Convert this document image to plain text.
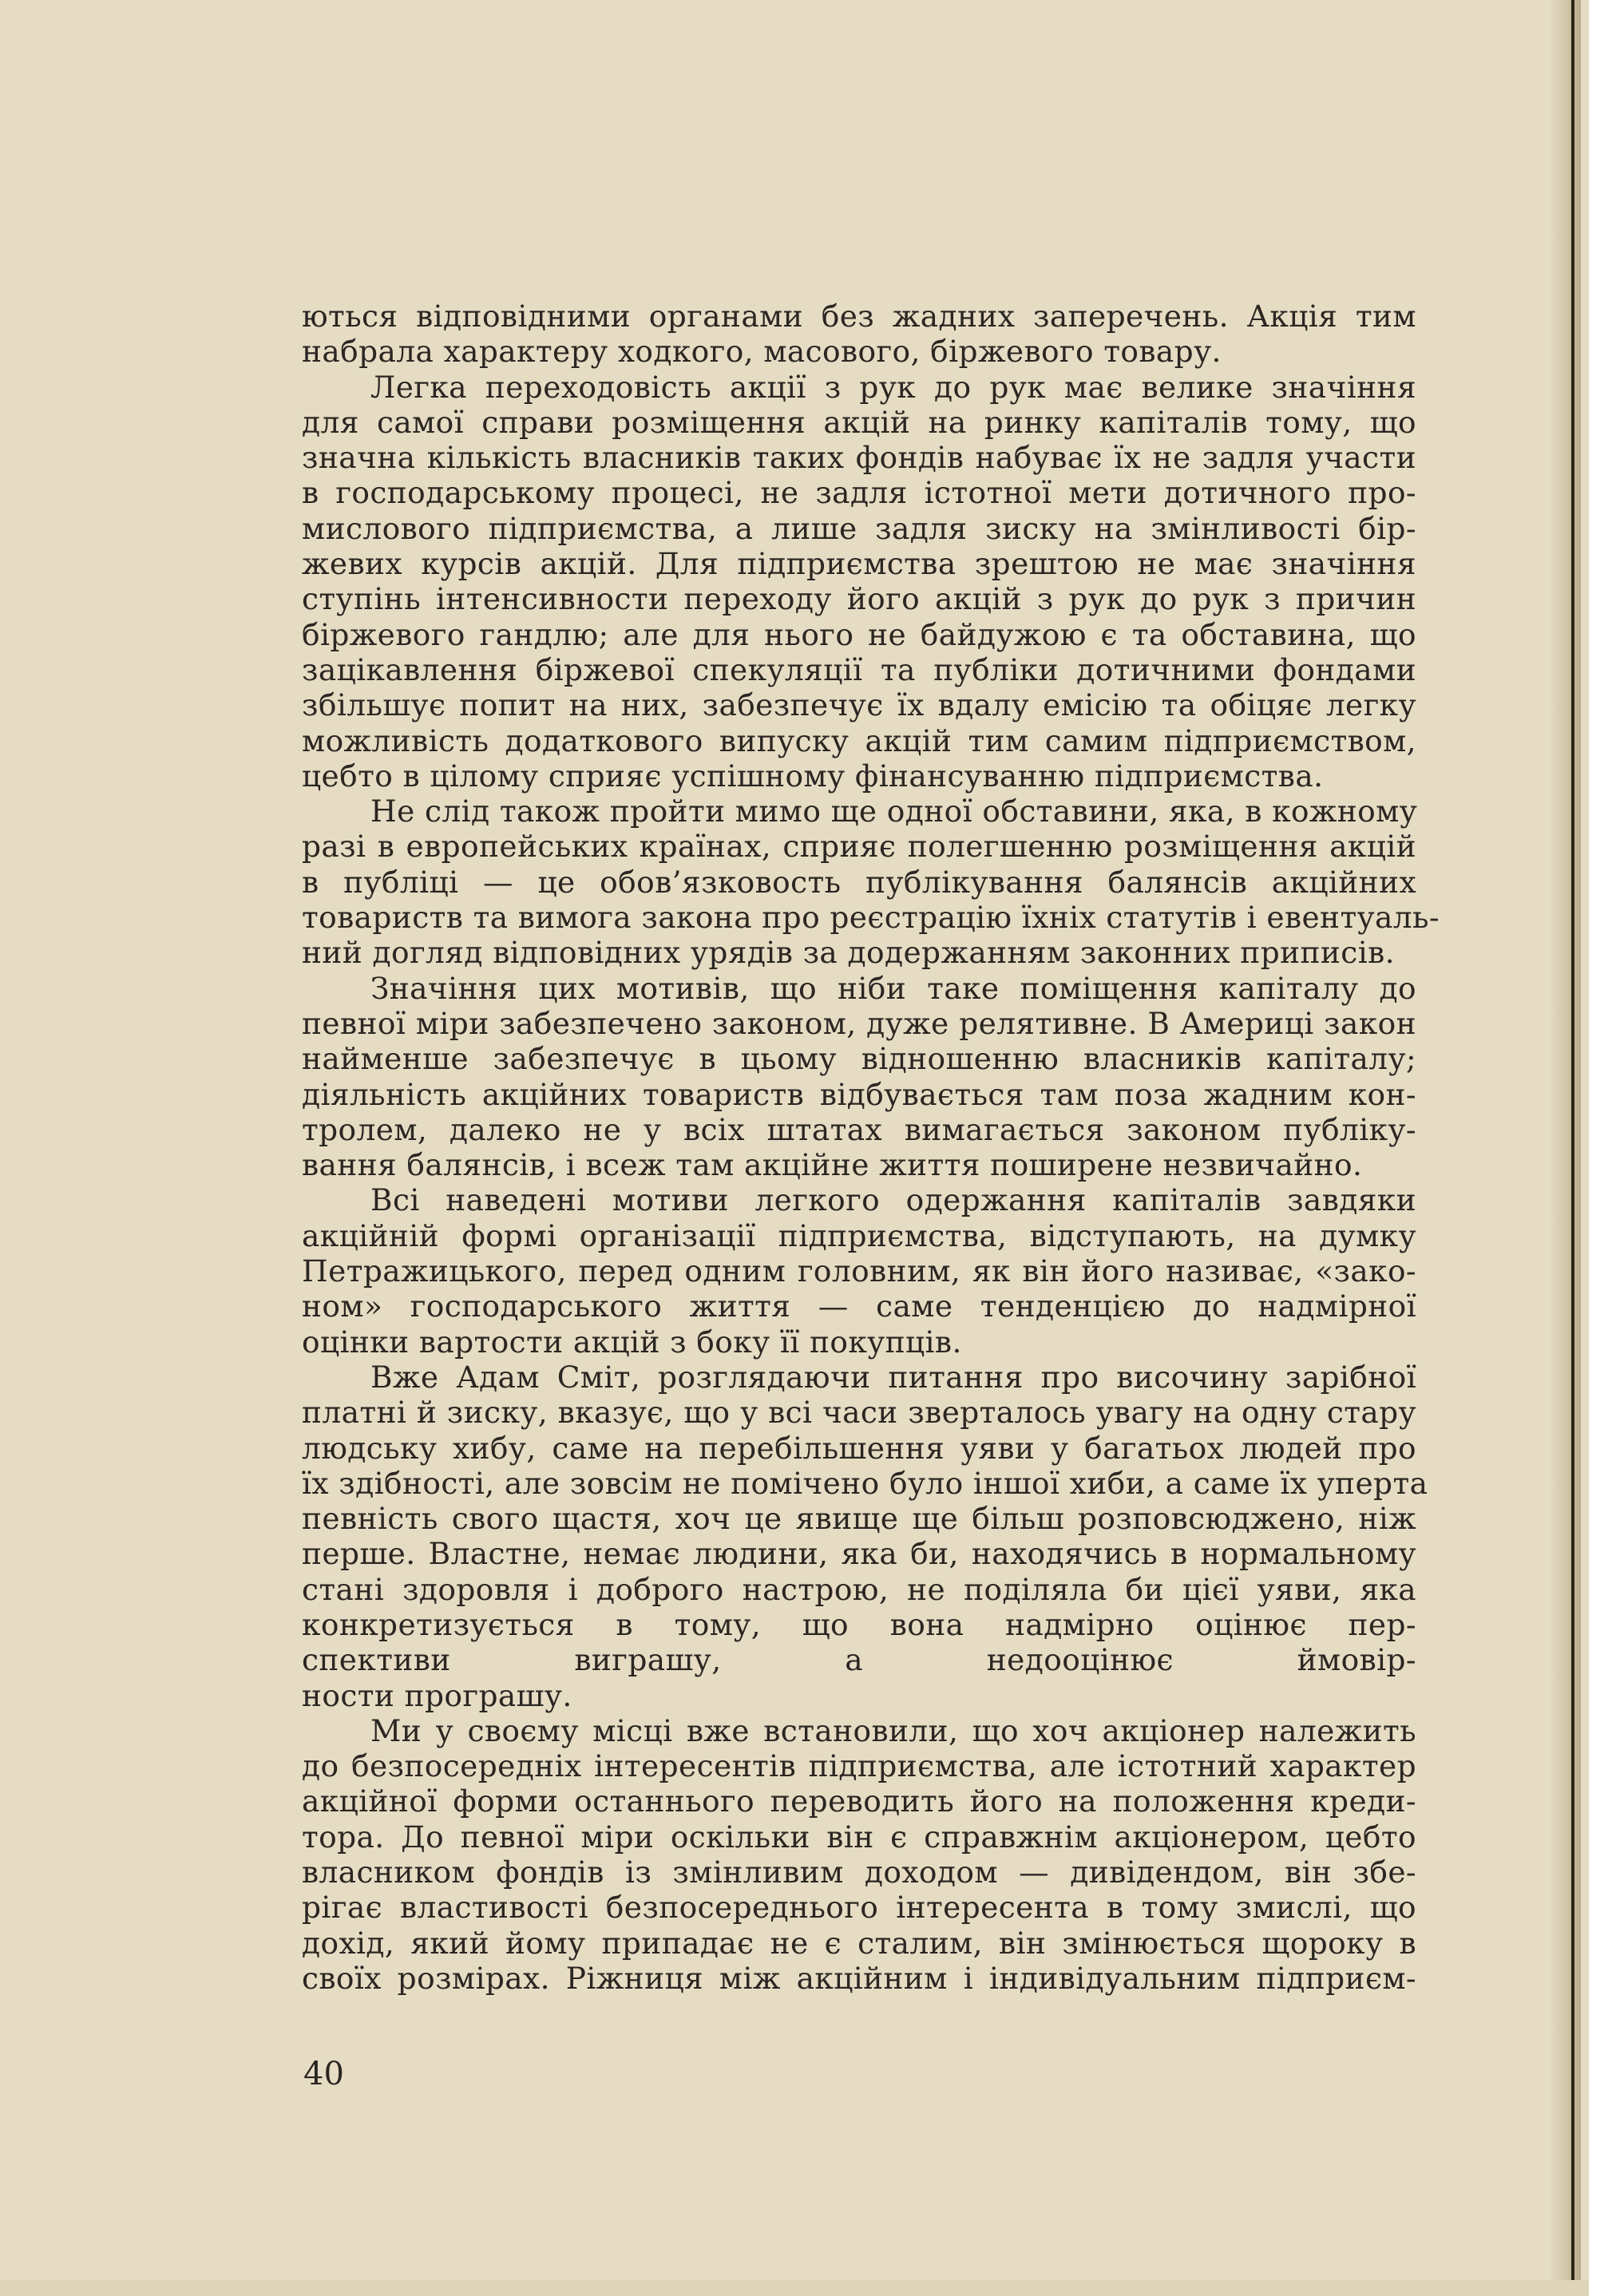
ються відповідними органами без жадних заперечень. Акція тим
набрала характеру ходкого, масового, біржевого товару.
Легка переходовість акції з рук до рук має велике значіння
для самої справи розміщення акцій на ринку капіталів тому, що
значна кількість власників таких фондів набуває їх не задля участи
в господарському процесі, не задля істотної мети дотичного про-
мислового підприємства, а лише задля зиску на змінливості бір-
жевих курсів акцій. Для підприємства зрештою не має значіння
ступінь інтенсивности переходу його акцій з рук до рук з причин
біржевого гандлю; але для нього не байдужою є та обставина, що
зацікавлення біржевої спекуляції та публіки дотичними фондами
збільшує попит на них, забезпечує їх вдалу емісію та обіцяє легку
можливість додаткового випуску акцій тим самим підприємством,
цебто в цілому сприяє успішному фінансуванню підприємства.
Не слід також пройти мимо ще одної обставини, яка, в кожному
разі в европейських країнах, сприяє полегшенню розміщення акцій
в публіці — це обов’язковость публікування балянсів акційних
товариств та вимога закона про реєстрацію їхніх статутів і евентуаль-
ний догляд відповідних урядів за додержанням законних приписів.
Значіння цих мотивів, що ніби таке поміщення капіталу до
певної міри забезпечено законом, дуже релятивне. В Америці закон
найменше забезпечує в цьому відношенню власників капіталу;
діяльність акційних товариств відбувається там поза жадним кон-
тролем, далеко не у всіх штатах вимагається законом публіку-
вання балянсів, і всеж там акційне життя поширене незвичайно.
Всі наведені мотиви легкого одержання капіталів завдяки
акційній формі організації підприємства, відступають, на думку
Петражицького, перед одним головним, як він його називає, «зако-
ном» господарського життя — саме тенденцією до надмірної
оцінки вартости акцій з боку її покупців.
Вже Адам Сміт, розглядаючи питання про височину зарібної
платні й зиску, вказує, що у всі часи зверталось увагу на одну стару
людську хибу, саме на перебільшення уяви у багатьох людей про
їх здібності, але зовсім не помічено було іншої хиби, а саме їх уперта
певність свого щастя, хоч це явище ще більш розповсюджено, ніж
перше. Властне, немає людини, яка би, находячись в нормальному
стані здоровля і доброго настрою, не поділяла би цієї уяви, яка
конкретизується в тому, що вона надмірно оцінює пер-
спективи виграшу, а недооцінює ймовір-
ности програшу.
Ми у своєму місці вже встановили, що хоч акціонер належить
до безпосередніх інтересентів підприємства, але істотний характер
акційної форми останнього переводить його на положення креди-
тора. До певної міри оскільки він є справжнім акціонером, цебто
власником фондів із змінливим доходом — дивідендом, він збе-
рігає властивості безпосереднього інтересента в тому змислі, що
дохід, який йому припадає не є сталим, він змінюється щороку в
своїх розмірах. Ріжниця між акційним і індивідуальним підприєм-
40
